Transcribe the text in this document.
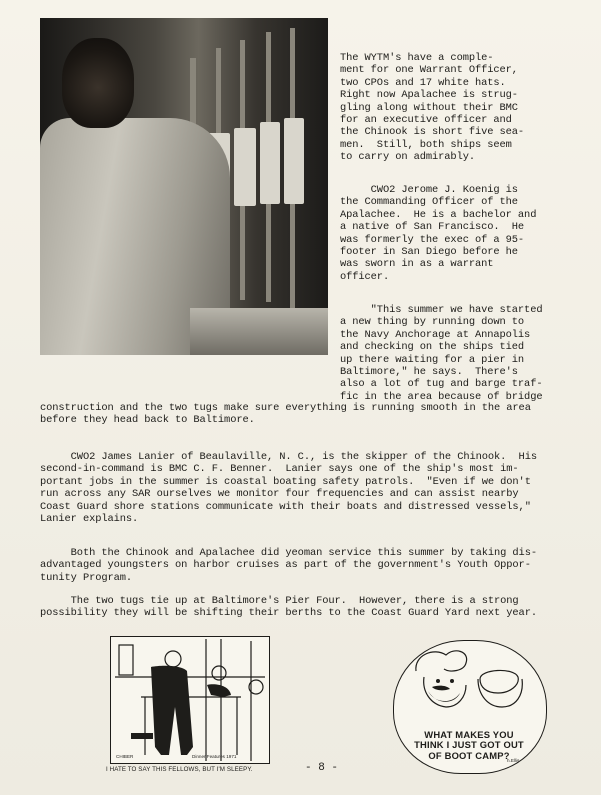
The WYTM's have a comple-
ment for one Warrant Officer,
two CPOs and 17 white hats.
Right now Apalachee is strug-
gling along without their BMC
for an executive officer and
the Chinook is short five sea-
men.  Still, both ships seem
to carry on admirably.
CWO2 Jerome J. Koenig is
the Commanding Officer of the
Apalachee.  He is a bachelor and
a native of San Francisco.  He
was formerly the exec of a 95-
footer in San Diego before he
was sworn in as a warrant
officer.
"This summer we have started
a new thing by running down to
the Navy Anchorage at Annapolis
and checking on the ships tied
up there waiting for a pier in
Baltimore," he says.  There's
also a lot of tug and barge traf-
fic in the area because of bridge
construction and the two tugs make sure everything is running smooth in the area
before they head back to Baltimore.
CWO2 James Lanier of Beaulaville, N. C., is the skipper of the Chinook.  His
second-in-command is BMC C. F. Benner.  Lanier says one of the ship's most im-
portant jobs in the summer is coastal boating safety patrols.  "Even if we don't
run across any SAR ourselves we monitor four frequencies and can assist nearby
Coast Guard shore stations communicate with their boats and distressed vessels,"
Lanier explains.
Both the Chinook and Apalachee did yeoman service this summer by taking dis-
advantaged youngsters on harbor cruises as part of the government's Youth Oppor-
tunity Program.
The two tugs tie up at Baltimore's Pier Four.  However, there is a strong
possibility they will be shifting their berths to the Coast Guard Yard next year.
CHIBER	Dinner Features 1971
I HATE TO SAY THIS FELLOWS, BUT I'M SLEEPY.	- 8 -
WHAT MAKES YOU
THINK I JUST GOT OUT
OF BOOT CAMP?
h.Ellis
